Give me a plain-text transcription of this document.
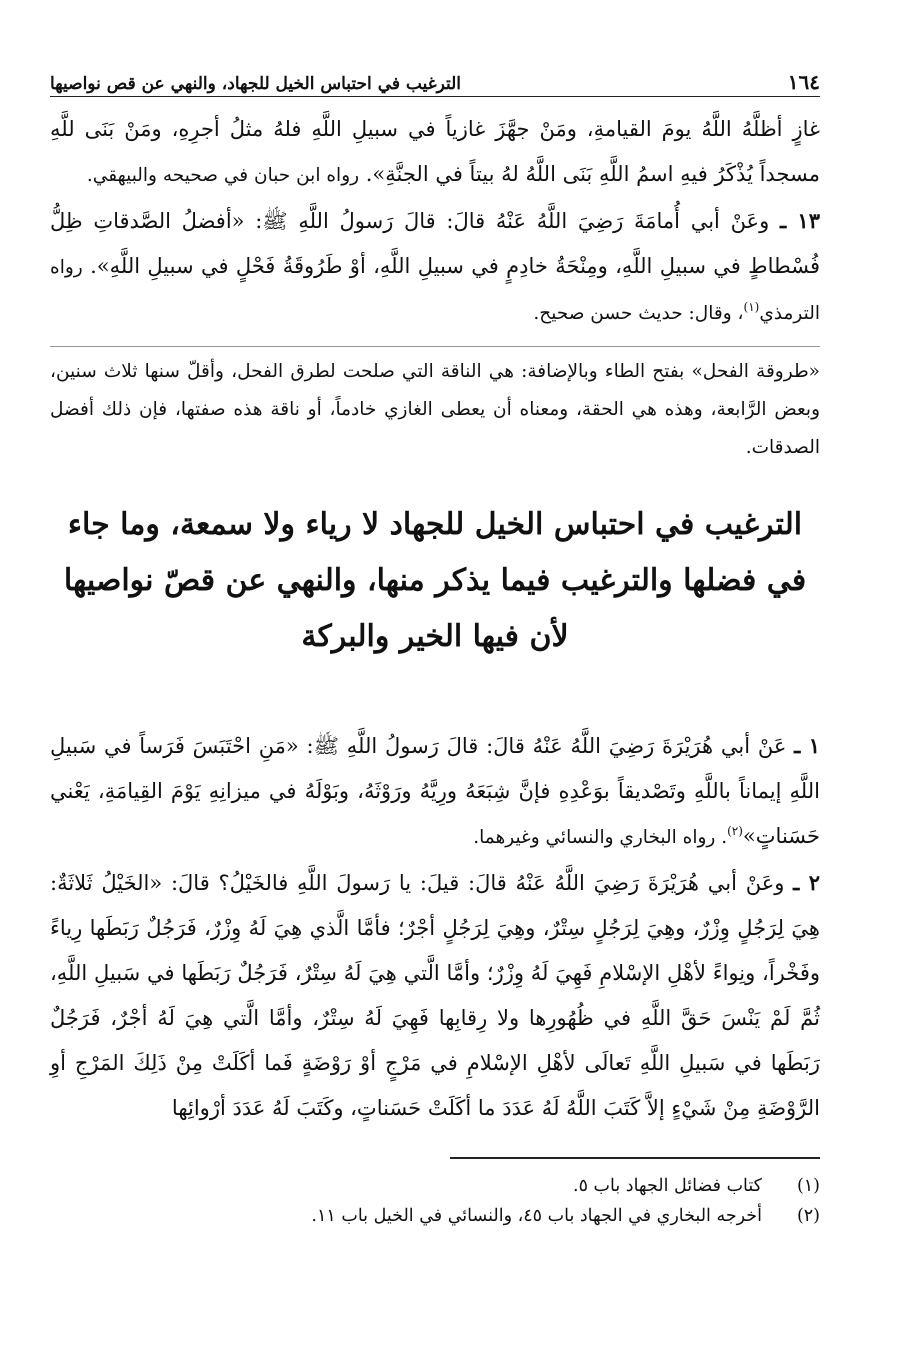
١٦٤
الترغيب في احتباس الخيل للجهاد، والنهي عن قص نواصيها

غازٍ أظلَّهُ اللَّهُ يومَ القيامةِ، ومَنْ جهَّزَ غازياً في سبيلِ اللَّهِ فلهُ مثلُ أجرِهِ، ومَنْ بَنَى للَّهِ مسجداً يُذْكَرُ فيهِ اسمُ اللَّهِ بَنَى اللَّهُ لهُ بيتاً في الجنَّةِ». رواه ابن حبان في صحيحه والبيهقي.

١٣ ـ وعَنْ أبي أُمامَةَ رَضِيَ اللَّهُ عَنْهُ قالَ: قالَ رَسولُ اللَّهِ ﷺ: «أفضلُ الصَّدقاتِ ظِلُّ فُسْطاطٍ في سبيلِ اللَّهِ، ومِنْحَةُ خادِمٍ في سبيلِ اللَّهِ، أوْ طَرُوقَةُ فَحْلٍ في سبيلِ اللَّهِ». رواه الترمذي$^{(١)}$، وقال: حديث حسن صحيح.

«طروقة الفحل» بفتح الطاء وبالإضافة: هي الناقة التي صلحت لطرق الفحل، وأقلّ سنها ثلاث سنين، وبعض الرَّابعة، وهذه هي الحقة، ومعناه أن يعطى الغازي خادماً، أو ناقة هذه صفتها، فإن ذلك أفضل الصدقات.

الترغيب في احتباس الخيل للجهاد لا رياء ولا سمعة، وما جاء في فضلها والترغيب فيما يذكر منها، والنهي عن قصّ نواصيها لأن فيها الخير والبركة

١ ـ عَنْ أبي هُرَيْرَةَ رَضِيَ اللَّهُ عَنْهُ قالَ: قالَ رَسولُ اللَّهِ ﷺ: «مَنِ احْتَبَسَ فَرَساً في سَبيلِ اللَّهِ إيماناً باللَّهِ وتَصْديقاً بوَعْدِهِ فإنَّ شِبَعَهُ ورِيَّهُ ورَوْثَهُ، وبَوْلَهُ في ميزانِهِ يَوْمَ القِيامَةِ، يَعْني حَسَناتٍ»$^{(٢)}$. رواه البخاري والنسائي وغيرهما.

٢ ـ وعَنْ أبي هُرَيْرَةَ رَضِيَ اللَّهُ عَنْهُ قالَ: قيلَ: يا رَسولَ اللَّهِ فالخَيْلُ؟ قالَ: «الخَيْلُ ثَلاثَةٌ: هِيَ لِرَجُلٍ وِزْرٌ، وهِيَ لِرَجُلٍ سِتْرٌ، وهِيَ لِرَجُلٍ أجْرٌ؛ فأمَّا الَّذي هِيَ لَهُ وِزْرٌ، فَرَجُلٌ رَبَطَها رِياءً وفَخْراً، ونِواءً لأهْلِ الإسْلامِ فَهِيَ لَهُ وِزْرٌ؛ وأمَّا الَّتي هِيَ لَهُ سِتْرٌ، فَرَجُلٌ رَبَطَها في سَبيلِ اللَّهِ، ثُمَّ لَمْ يَنْسَ حَقَّ اللَّهِ في ظُهُورِها ولا رِقابِها فَهِيَ لَهُ سِتْرٌ، وأمَّا الَّتي هِيَ لَهُ أجْرٌ، فَرَجُلٌ رَبَطَها في سَبيلِ اللَّهِ تَعالَى لأهْلِ الإسْلامِ في مَرْجٍ أوْ رَوْضَةٍ فَما أكَلَتْ مِنْ ذَلِكَ المَرْجِ أوِ الرَّوْضَةِ مِنْ شَيْءٍ إلاَّ كَتَبَ اللَّهُ لَهُ عَدَدَ ما أكَلَتْ حَسَناتٍ، وكَتَبَ لَهُ عَدَدَ أرْوائِها

(١)
كتاب فضائل الجهاد باب ٥.
(٢)
أخرجه البخاري في الجهاد باب ٤٥، والنسائي في الخيل باب ١١.
